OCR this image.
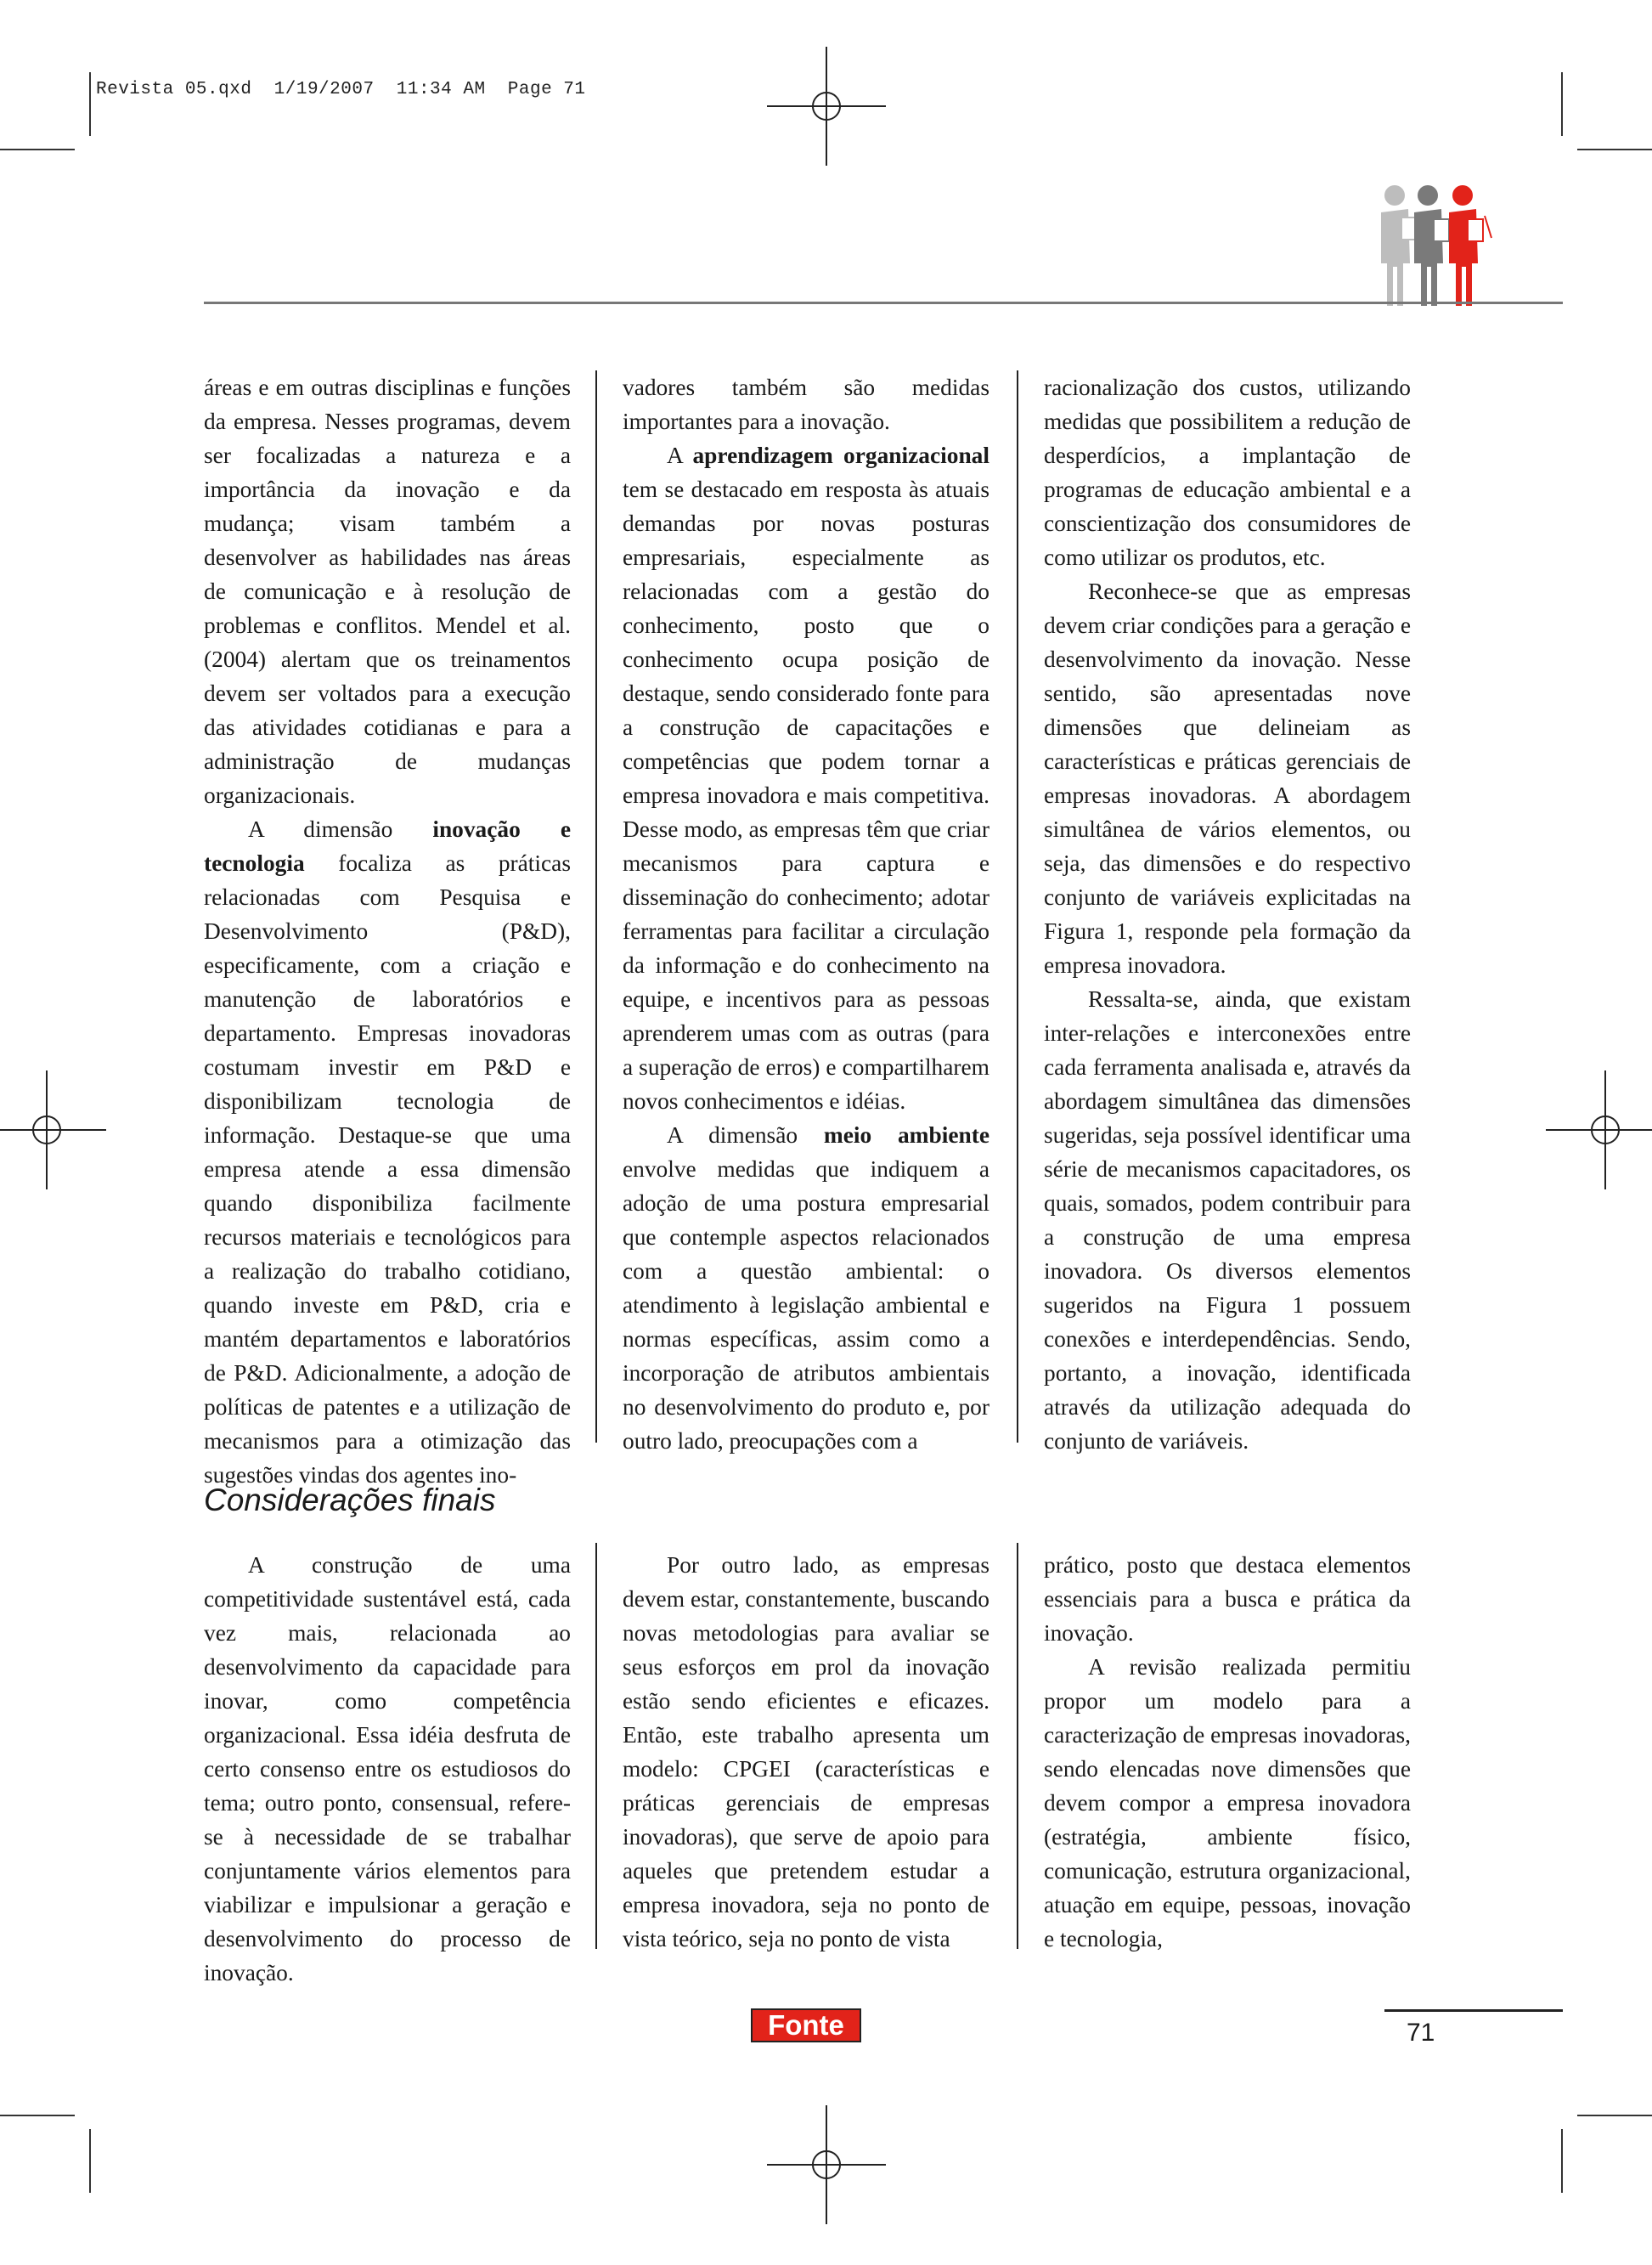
Revista 05.qxd  1/19/2007  11:34 AM  Page 71

áreas e em outras disciplinas e funções da empresa. Nesses programas, devem ser focalizadas a natureza e a importância da inovação e da mudança; visam também a desenvolver as habilidades nas áreas de comunicação e à resolução de problemas e conflitos. Mendel et al. (2004) alertam que os treinamentos devem ser voltados para a execução das atividades cotidianas e para a administração de mudanças organizacionais.

A dimensão inovação e tecnologia focaliza as práticas relacionadas com Pesquisa e Desenvolvimento (P&D), especificamente, com a criação e manutenção de laboratórios e departamento. Empresas inovadoras costumam investir em P&D e disponibilizam tecnologia de informação. Destaque-se que uma empresa atende a essa dimensão quando disponibiliza facilmente recursos materiais e tecnológicos para a realização do trabalho cotidiano, quando investe em P&D, cria e mantém departamentos e laboratórios de P&D. Adicionalmente, a adoção de políticas de patentes e a utilização de mecanismos para a otimização das sugestões vindas dos agentes ino-

vadores também são medidas importantes para a inovação.

A aprendizagem organizacional tem se destacado em resposta às atuais demandas por novas posturas empresariais, especialmente as relacionadas com a gestão do conhecimento, posto que o conhecimento ocupa posição de destaque, sendo considerado fonte para a construção de capacitações e competências que podem tornar a empresa inovadora e mais competitiva. Desse modo, as empresas têm que criar mecanismos para captura e disseminação do conhecimento; adotar ferramentas para facilitar a circulação da informação e do conhecimento na equipe, e incentivos para as pessoas aprenderem umas com as outras (para a superação de erros) e compartilharem novos conhecimentos e idéias.

A dimensão meio ambiente envolve medidas que indiquem a adoção de uma postura empresarial que contemple aspectos relacionados com a questão ambiental: o atendimento à legislação ambiental e normas específicas, assim como a incorporação de atributos ambientais no desenvolvimento do produto e, por outro lado, preocupações com a

racionalização dos custos, utilizando medidas que possibilitem a redução de desperdícios, a implantação de programas de educação ambiental e a conscientização dos consumidores de como utilizar os produtos, etc.

Reconhece-se que as empresas devem criar condições para a geração e desenvolvimento da inovação. Nesse sentido, são apresentadas nove dimensões que delineiam as características e práticas gerenciais de empresas inovadoras. A abordagem simultânea de vários elementos, ou seja, das dimensões e do respectivo conjunto de variáveis explicitadas na Figura 1, responde pela formação da empresa inovadora.

Ressalta-se, ainda, que existam inter-relações e interconexões entre cada ferramenta analisada e, através da abordagem simultânea das dimensões sugeridas, seja possível identificar uma série de mecanismos capacitadores, os quais, somados, podem contribuir para a construção de uma empresa inovadora. Os diversos elementos sugeridos na Figura 1 possuem conexões e interdependências. Sendo, portanto, a inovação, identificada através da utilização adequada do conjunto de variáveis.

Considerações finais

A construção de uma competitividade sustentável está, cada vez mais, relacionada ao desenvolvimento da capacidade para inovar, como competência organizacional. Essa idéia desfruta de certo consenso entre os estudiosos do tema; outro ponto, consensual, refere-se à necessidade de se trabalhar conjuntamente vários elementos para viabilizar e impulsionar a geração e desenvolvimento do processo de inovação.

Por outro lado, as empresas devem estar, constantemente, buscando novas metodologias para avaliar se seus esforços em prol da inovação estão sendo eficientes e eficazes. Então, este trabalho apresenta um modelo: CPGEI (características e práticas gerenciais de empresas inovadoras), que serve de apoio para aqueles que pretendem estudar a empresa inovadora, seja no ponto de vista teórico, seja no ponto de vista

prático, posto que destaca elementos essenciais para a busca e prática da inovação.

A revisão realizada permitiu propor um modelo para a caracterização de empresas inovadoras, sendo elencadas nove dimensões que devem compor a empresa inovadora (estratégia, ambiente físico, comunicação, estrutura organizacional, atuação em equipe, pessoas, inovação e tecnologia,

Fonte	71
